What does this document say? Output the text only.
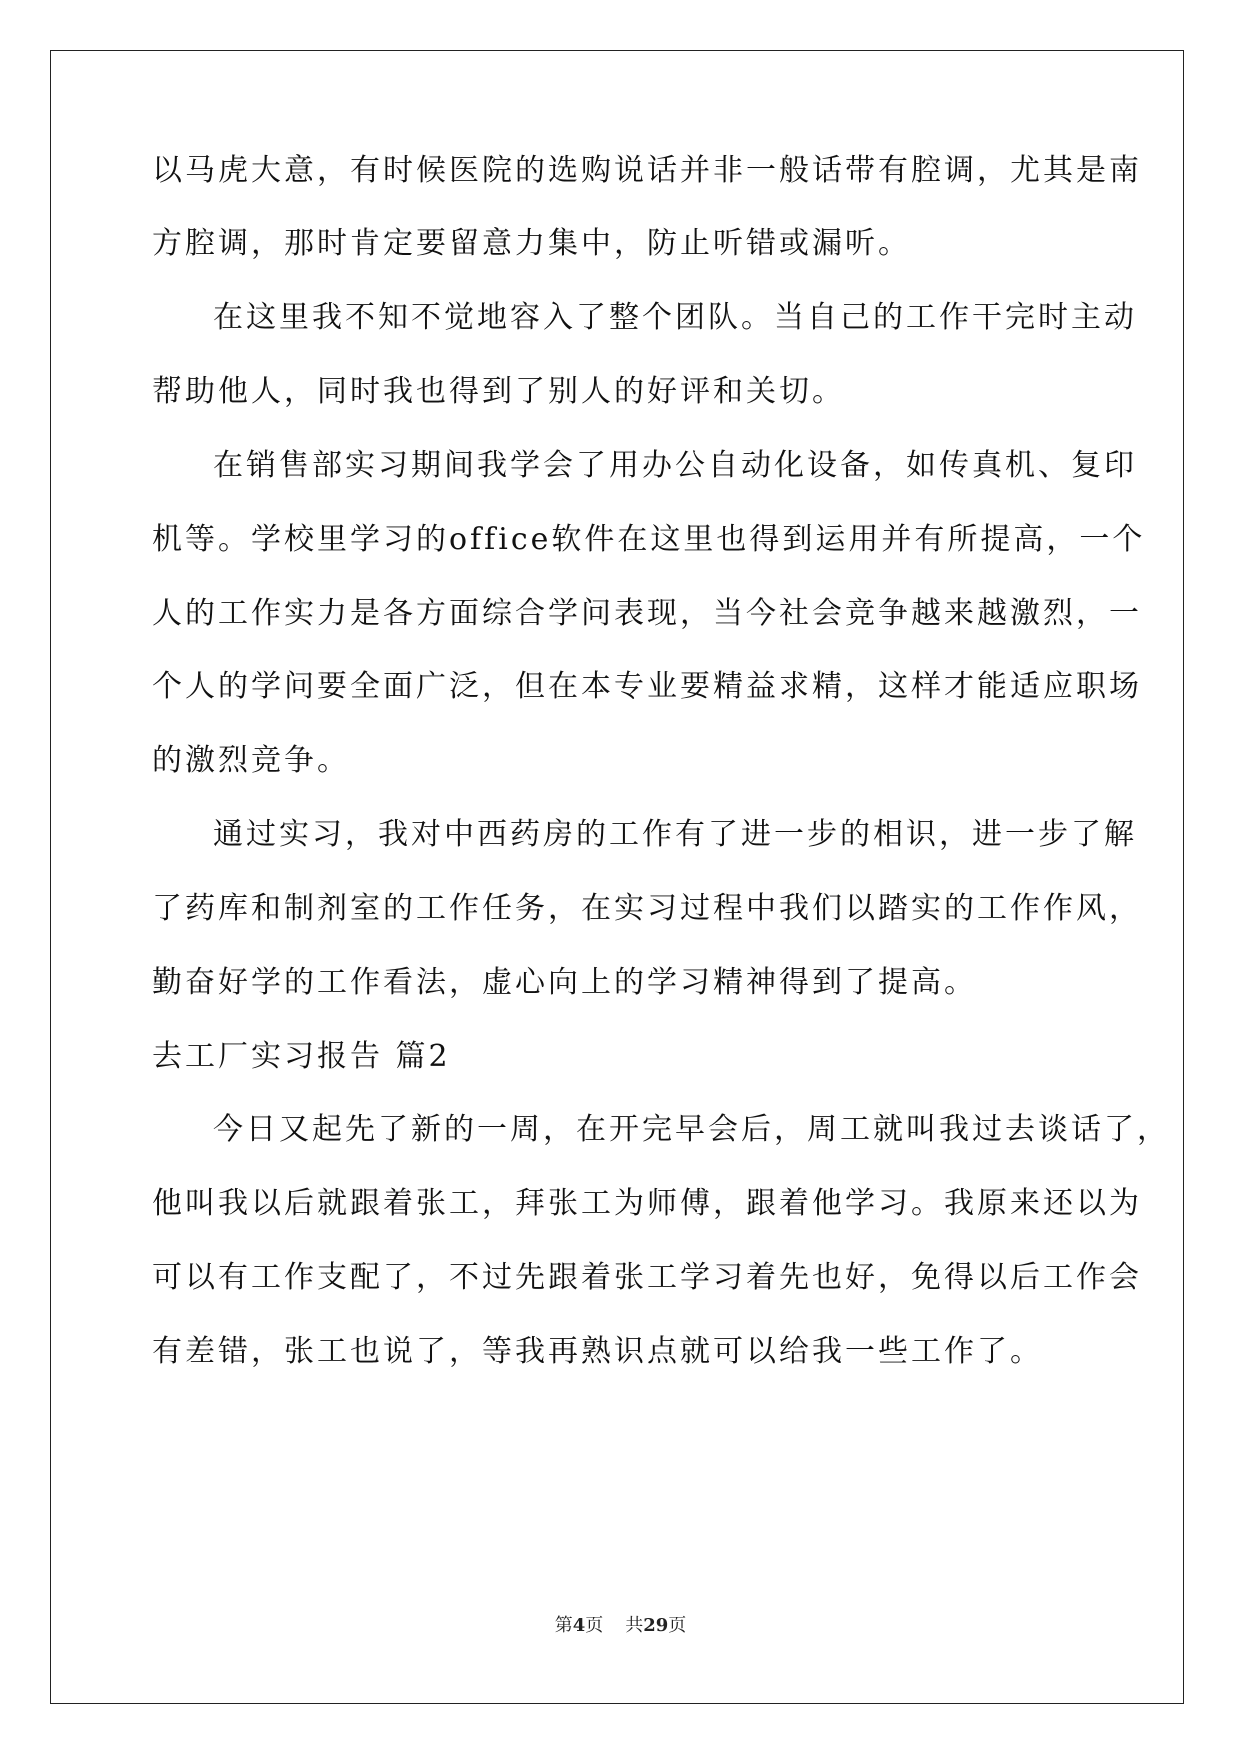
以马虎大意，有时候医院的选购说话并非一般话带有腔调，尤其是南
方腔调，那时肯定要留意力集中，防止听错或漏听。
在这里我不知不觉地容入了整个团队。当自己的工作干完时主动
帮助他人，同时我也得到了别人的好评和关切。
在销售部实习期间我学会了用办公自动化设备，如传真机、复印
机等。学校里学习的office软件在这里也得到运用并有所提高，一个
人的工作实力是各方面综合学问表现，当今社会竞争越来越激烈，一
个人的学问要全面广泛，但在本专业要精益求精，这样才能适应职场
的激烈竞争。
通过实习，我对中西药房的工作有了进一步的相识，进一步了解
了药库和制剂室的工作任务，在实习过程中我们以踏实的工作作风，
勤奋好学的工作看法，虚心向上的学习精神得到了提高。
去工厂实习报告 篇2
今日又起先了新的一周，在开完早会后，周工就叫我过去谈话了，
他叫我以后就跟着张工，拜张工为师傅，跟着他学习。我原来还以为
可以有工作支配了，不过先跟着张工学习着先也好，免得以后工作会
有差错，张工也说了，等我再熟识点就可以给我一些工作了。
第4页 共29页
